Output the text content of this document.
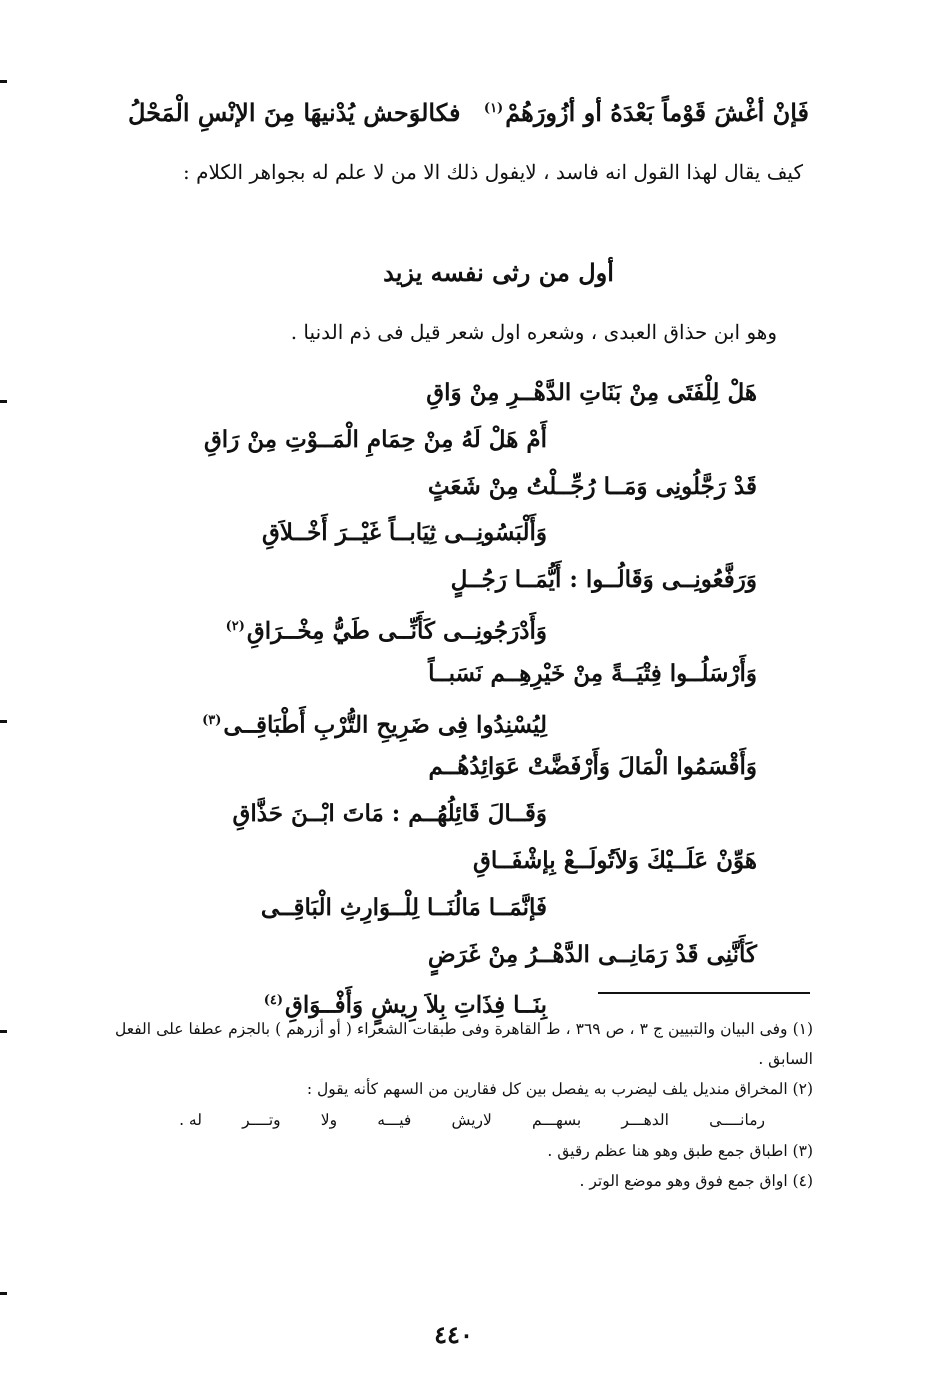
فَإنْ أغْشَ قَوْماً بَعْدَهُ أو أزُورَهُمْ$^{(١)}$
فكالوَحش يُدْنيهَا مِنَ الإنْسِ الْمَحْلُ
كيف يقال لهذا القول انه فاسد ، لايفول ذلك الا من لا علم له بجواهر الكلام :
أول من رثى نفسه يزيد
وهو ابن حذاق العبدى ، وشعره اول شعر قيل فى ذم الدنيا .
هَلْ لِلْفَتَى مِنْ بَنَاتِ الدَّهْــرِ مِنْ وَاقِ
أَمْ هَلْ لَهُ مِنْ حِمَامِ الْمَــوْتِ مِنْ رَاقِ
قَدْ رَجَّلُونِى وَمَــا رُجِّــلْتُ مِنْ شَعَثٍ
وَأَلْبَسُونِــى ثِيَابــاً غَيْــرَ أَخْــلاَقِ
وَرَفَّعُونِــى وَقَالُــوا : أَيُّمَــا رَجُــلٍ
وَأَدْرَجُونِــى كَأَنِّــى طَيُّ مِخْــرَاقِ$^{(٢)}$
وَأَرْسَلُــوا فِتْيَــةً مِنْ خَيْرِهِــم نَسَبــاً
لِيُسْنِدُوا فِى ضَرِيحِ التُّرْبِ أَطْبَاقِــى$^{(٣)}$
وَأَقْسَمُوا الْمَالَ وَأَرْفَضَّتْ عَوَائِدُهُــم
وَقَــالَ قَائِلُهُــم : مَاتَ ابْــنَ حَذَّاقِ
هَوِّنْ عَلَــيْكَ وَلاَتُولَــعْ بِإشْفَــاقِ
فَإنَّمَــا مَالُنَــا لِلْــوَارِثِ الْبَاقِــى
كَأَنَّنِى قَدْ رَمَانِــى الدَّهْــرُ مِنْ غَرَضٍ
بِنَــا فِذَاتِ بِلاَ رِيشٍ وَأَفْــوَاقِ$^{(٤)}$
(١) وفى البيان والتبيين ج ٣ ، ص ٣٦٩ ، ط القاهرة وفى طبقات الشعراء ( أو أزرهم ) بالجزم عطفا على الفعل السابق .
(٢) المخراق منديل يلف ليضرب به يفصل بين كل فقارين من السهم كأنه يقول :
رمانــــى
الدهـــر
بسهـــم
لاريش
فيـــه
ولا
وتــــر
له .
(٣) اطباق جمع طبق وهو هنا عظم رقيق .
(٤) اواق جمع فوق وهو موضع الوتر .
٤٤٠
